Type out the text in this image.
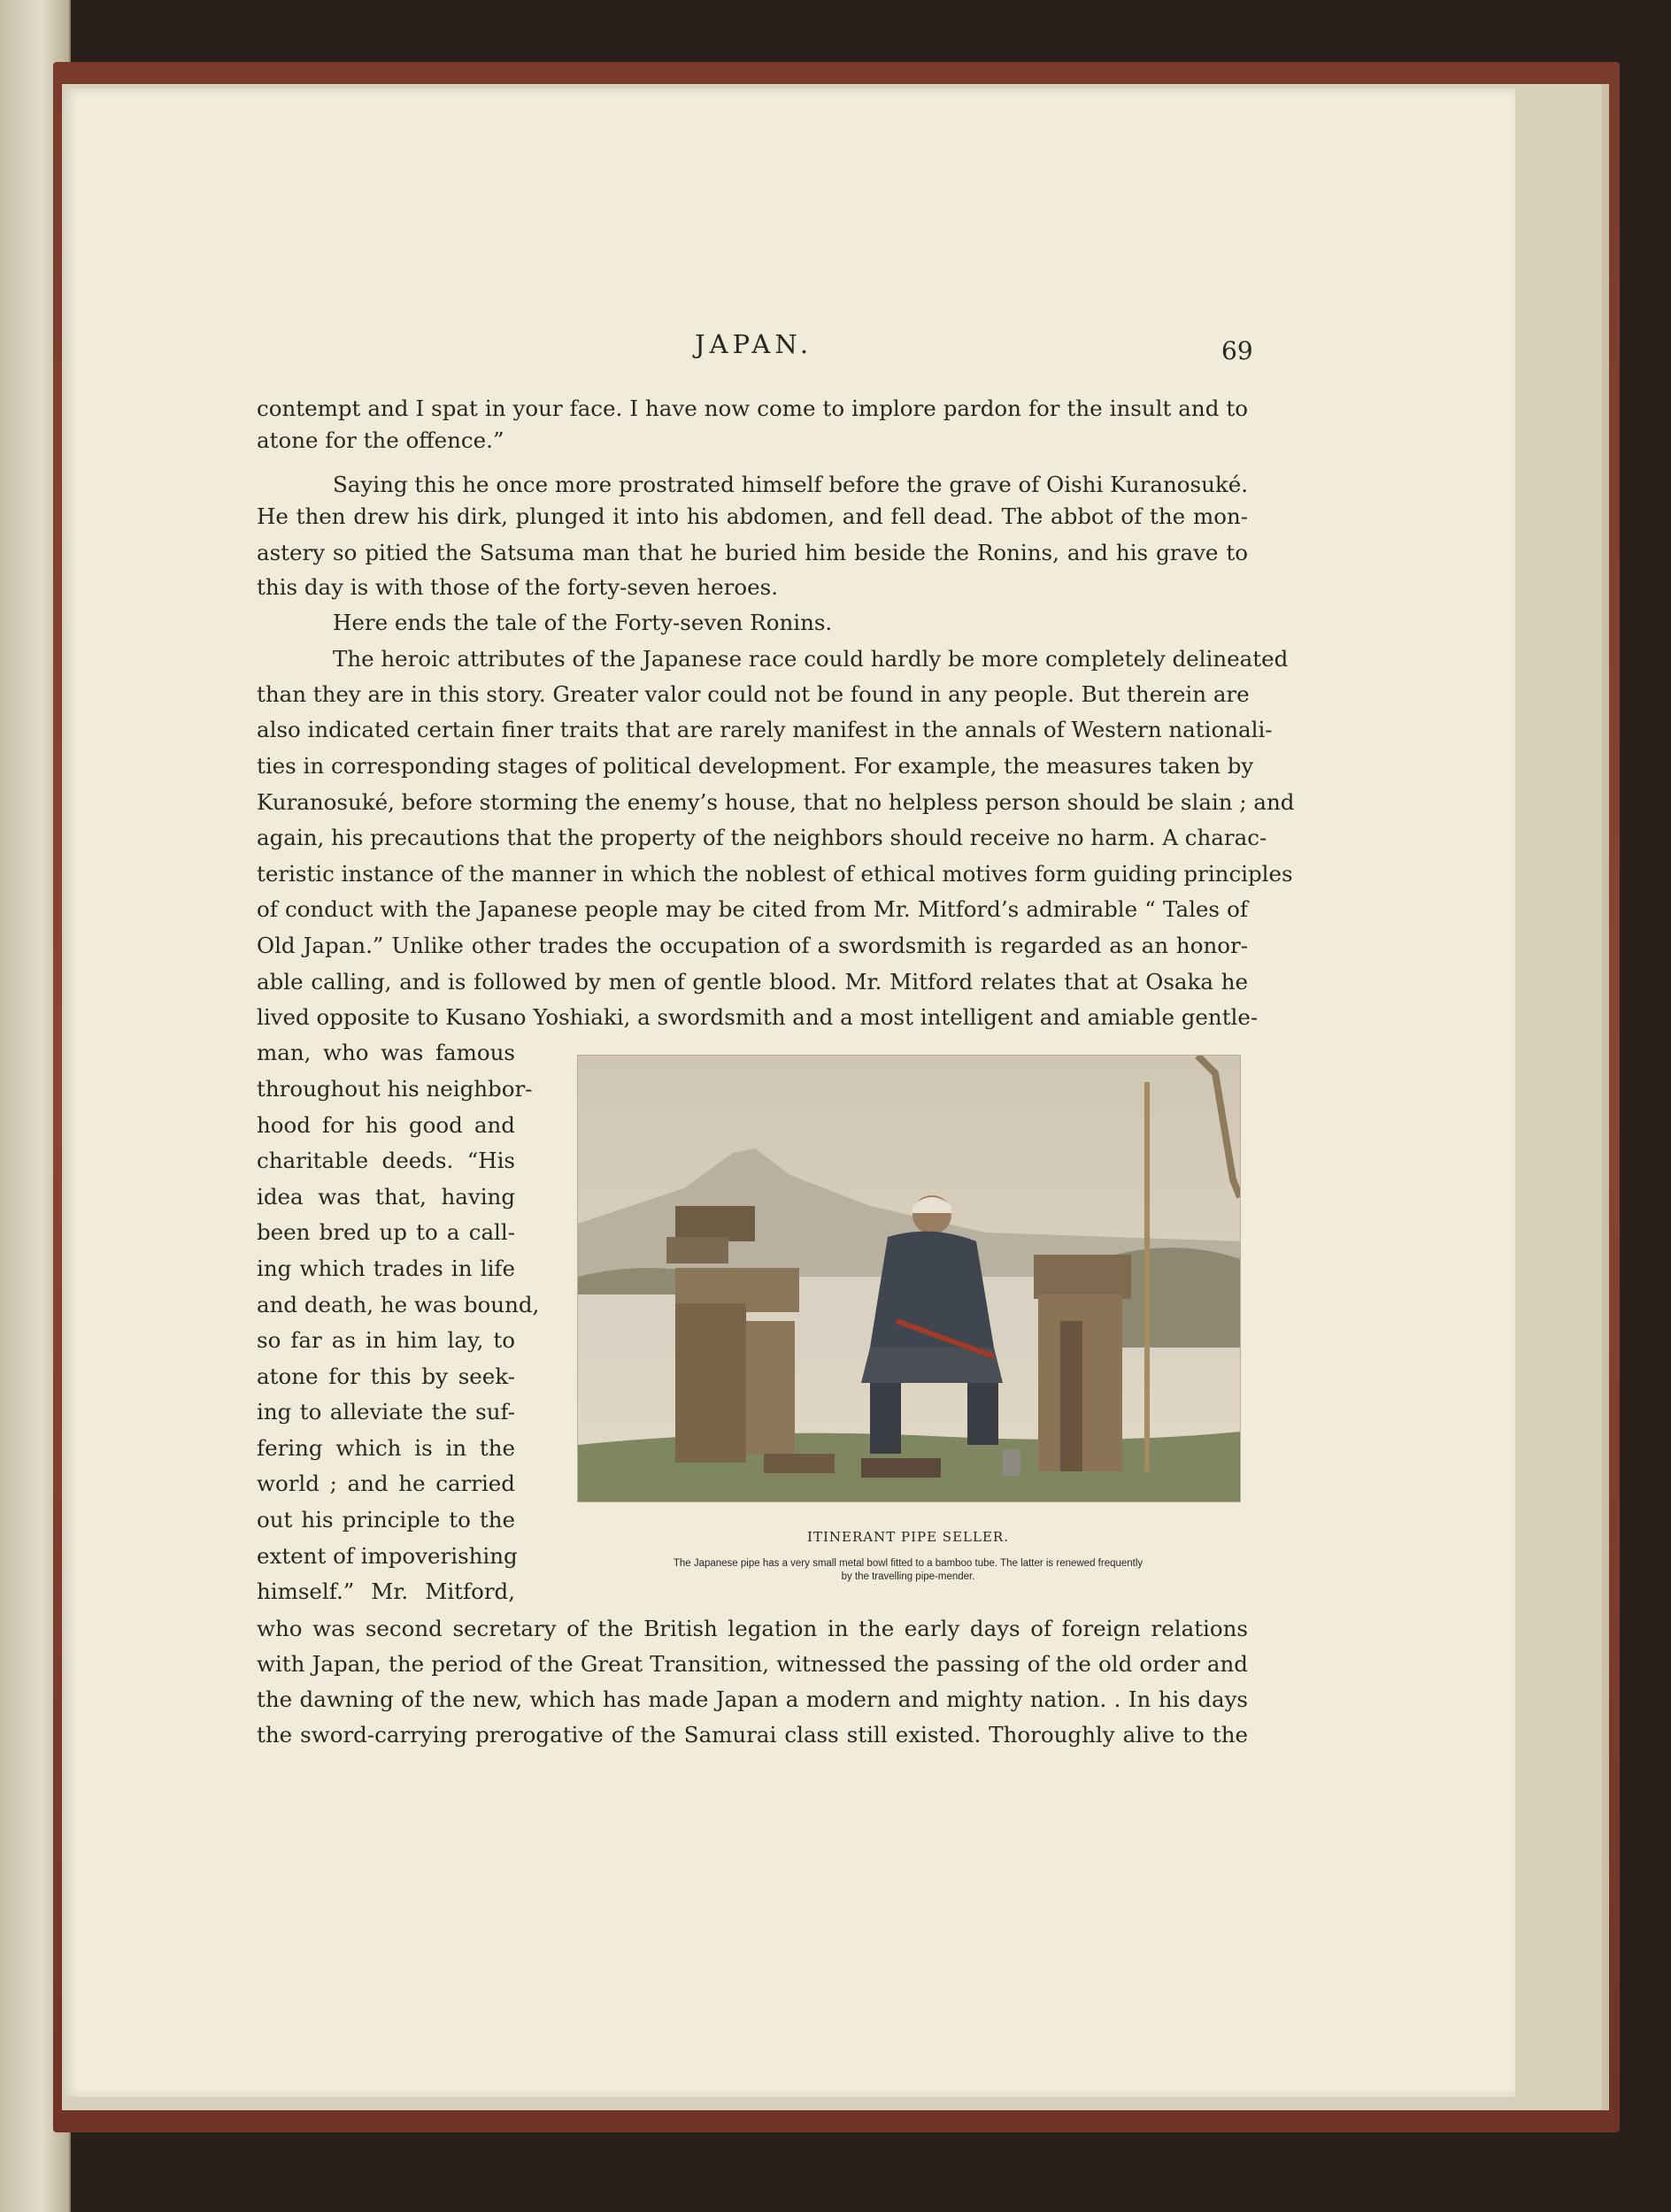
JAPAN.	69
contempt and I spat in your face. I have now come to implore pardon for the insult and to
atone for the offence.”
Saying this he once more prostrated himself before the grave of Oishi Kuranosuké.
He then drew his dirk, plunged it into his abdomen, and fell dead. The abbot of the mon-
astery so pitied the Satsuma man that he buried him beside the Ronins, and his grave to
this day is with those of the forty-seven heroes.
Here ends the tale of the Forty-seven Ronins.
The heroic attributes of the Japanese race could hardly be more completely delineated
than they are in this story. Greater valor could not be found in any people. But therein are
also indicated certain finer traits that are rarely manifest in the annals of Western nationali-
ties in corresponding stages of political development. For example, the measures taken by
Kuranosuké, before storming the enemy’s house, that no helpless person should be slain ; and
again, his precautions that the property of the neighbors should receive no harm. A charac-
teristic instance of the manner in which the noblest of ethical motives form guiding principles
of conduct with the Japanese people may be cited from Mr. Mitford’s admirable “ Tales of
Old Japan.” Unlike other trades the occupation of a swordsmith is regarded as an honor-
able calling, and is followed by men of gentle blood. Mr. Mitford relates that at Osaka he
lived opposite to Kusano Yoshiaki, a swordsmith and a most intelligent and amiable gentle-
man, who was famous
throughout his neighbor-
hood for his good and
charitable deeds. “His
idea was that, having
been bred up to a call-
ing which trades in life
and death, he was bound,
so far as in him lay, to
atone for this by seek-
ing to alleviate the suf-
fering which is in the
world ; and he carried
out his principle to the
extent of impoverishing
himself.” Mr. Mitford,
who was second secretary of the British legation in the early days of foreign relations
with Japan, the period of the Great Transition, witnessed the passing of the old order and
the dawning of the new, which has made Japan a modern and mighty nation. . In his days
the sword-carrying prerogative of the Samurai class still existed. Thoroughly alive to the
ITINERANT PIPE SELLER.
The Japanese pipe has a very small metal bowl fitted to a bamboo tube. The latter is renewed frequently
by the travelling pipe-mender.
